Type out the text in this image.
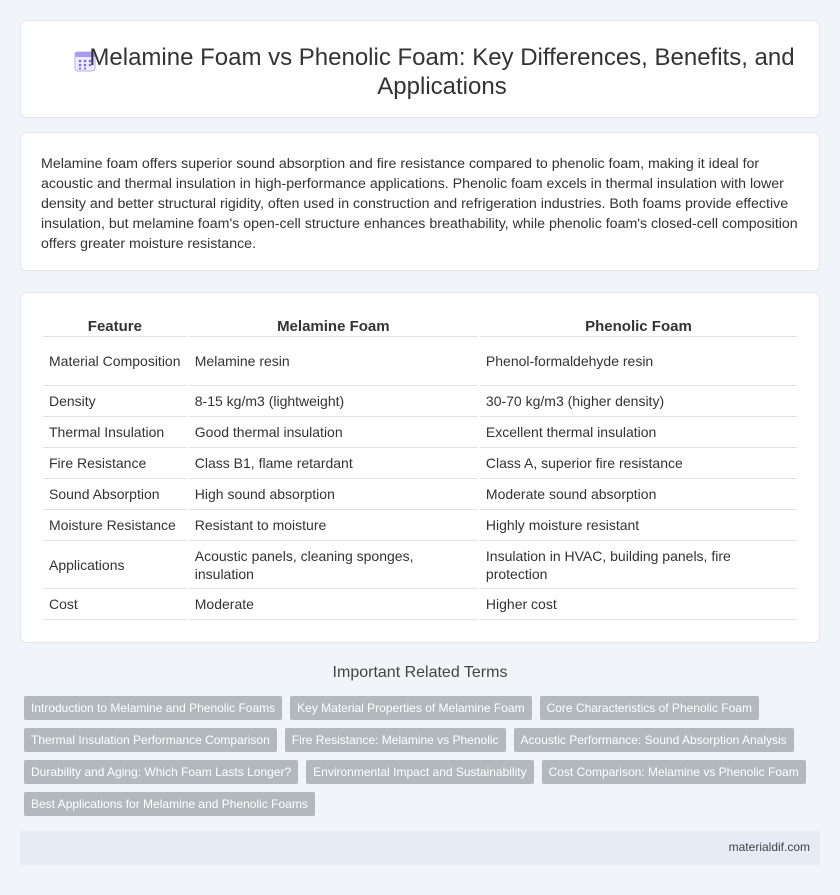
Melamine Foam vs Phenolic Foam: Key Differences, Benefits, and Applications

Melamine foam offers superior sound absorption and fire resistance compared to phenolic foam, making it ideal for acoustic and thermal insulation in high-performance applications. Phenolic foam excels in thermal insulation with lower density and better structural rigidity, often used in construction and refrigeration industries. Both foams provide effective insulation, but melamine foam's open-cell structure enhances breathability, while phenolic foam's closed-cell composition offers greater moisture resistance.

Feature	Melamine Foam	Phenolic Foam
Material Composition	Melamine resin	Phenol-formaldehyde resin
Density	8-15 kg/m3 (lightweight)	30-70 kg/m3 (higher density)
Thermal Insulation	Good thermal insulation	Excellent thermal insulation
Fire Resistance	Class B1, flame retardant	Class A, superior fire resistance
Sound Absorption	High sound absorption	Moderate sound absorption
Moisture Resistance	Resistant to moisture	Highly moisture resistant
Applications	Acoustic panels, cleaning sponges, insulation	Insulation in HVAC, building panels, fire protection
Cost	Moderate	Higher cost
Important Related Terms
Introduction to Melamine and Phenolic Foams	Key Material Properties of Melamine Foam	Core Characteristics of Phenolic Foam
Thermal Insulation Performance Comparison	Fire Resistance: Melamine vs Phenolic	Acoustic Performance: Sound Absorption Analysis
Durability and Aging: Which Foam Lasts Longer?	Environmental Impact and Sustainability	Cost Comparison: Melamine vs Phenolic Foam
Best Applications for Melamine and Phenolic Foams
materialdif.com
